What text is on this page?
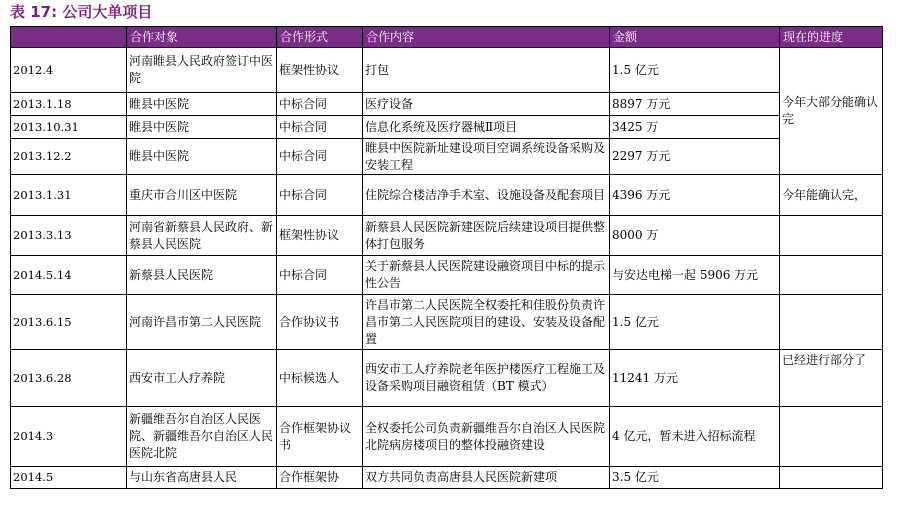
表 17: 公司大单项目
	合作对象	合作形式	合作内容	金额	现在的进度
2012.4	河南睢县人民政府签订中医院	框架性协议	打包	1.5 亿元	今年大部分能确认完
2013.1.18	睢县中医院	中标合同	医疗设备	8897 万元	
2013.10.31	睢县中医院	中标合同	信息化系统及医疗器械Ⅱ项目	3425 万	
2013.12.2	睢县中医院	中标合同	睢县中医院新址建设项目空调系统设备采购及安装工程	2297 万元	
2013.1.31	重庆市合川区中医院	中标合同	住院综合楼洁净手术室、设施设备及配套项目	4396 万元	今年能确认完，
2013.3.13	河南省新蔡县人民政府、新蔡县人民医院	框架性协议	新蔡县人民医院新建医院后续建设项目提供整体打包服务	8000 万	
2014.5.14	新蔡县人民医院	中标合同	关于新蔡县人民医院建设融资项目中标的提示性公告	与安达电梯一起 5906 万元	
2013.6.15	河南许昌市第二人民医院	合作协议书	许昌市第二人民医院全权委托和佳股份负责许昌市第二人民医院项目的建设、安装及设备配置	1.5 亿元	
2013.6.28	西安市工人疗养院	中标候选人	西安市工人疗养院老年医护楼医疗工程施工及设备采购项目融资租赁（BT 模式）	11241 万元	已经进行部分了
2014.3	新疆维吾尔自治区人民医院、新疆维吾尔自治区人民医院北院	合作框架协议书	全权委托公司负责新疆维吾尔自治区人民医院北院病房楼项目的整体投融资建设	4 亿元，暂未进入招标流程	
2014.5	与山东省高唐县人民	合作框架协	双方共同负责高唐县人民医院新建项	3.5 亿元	
